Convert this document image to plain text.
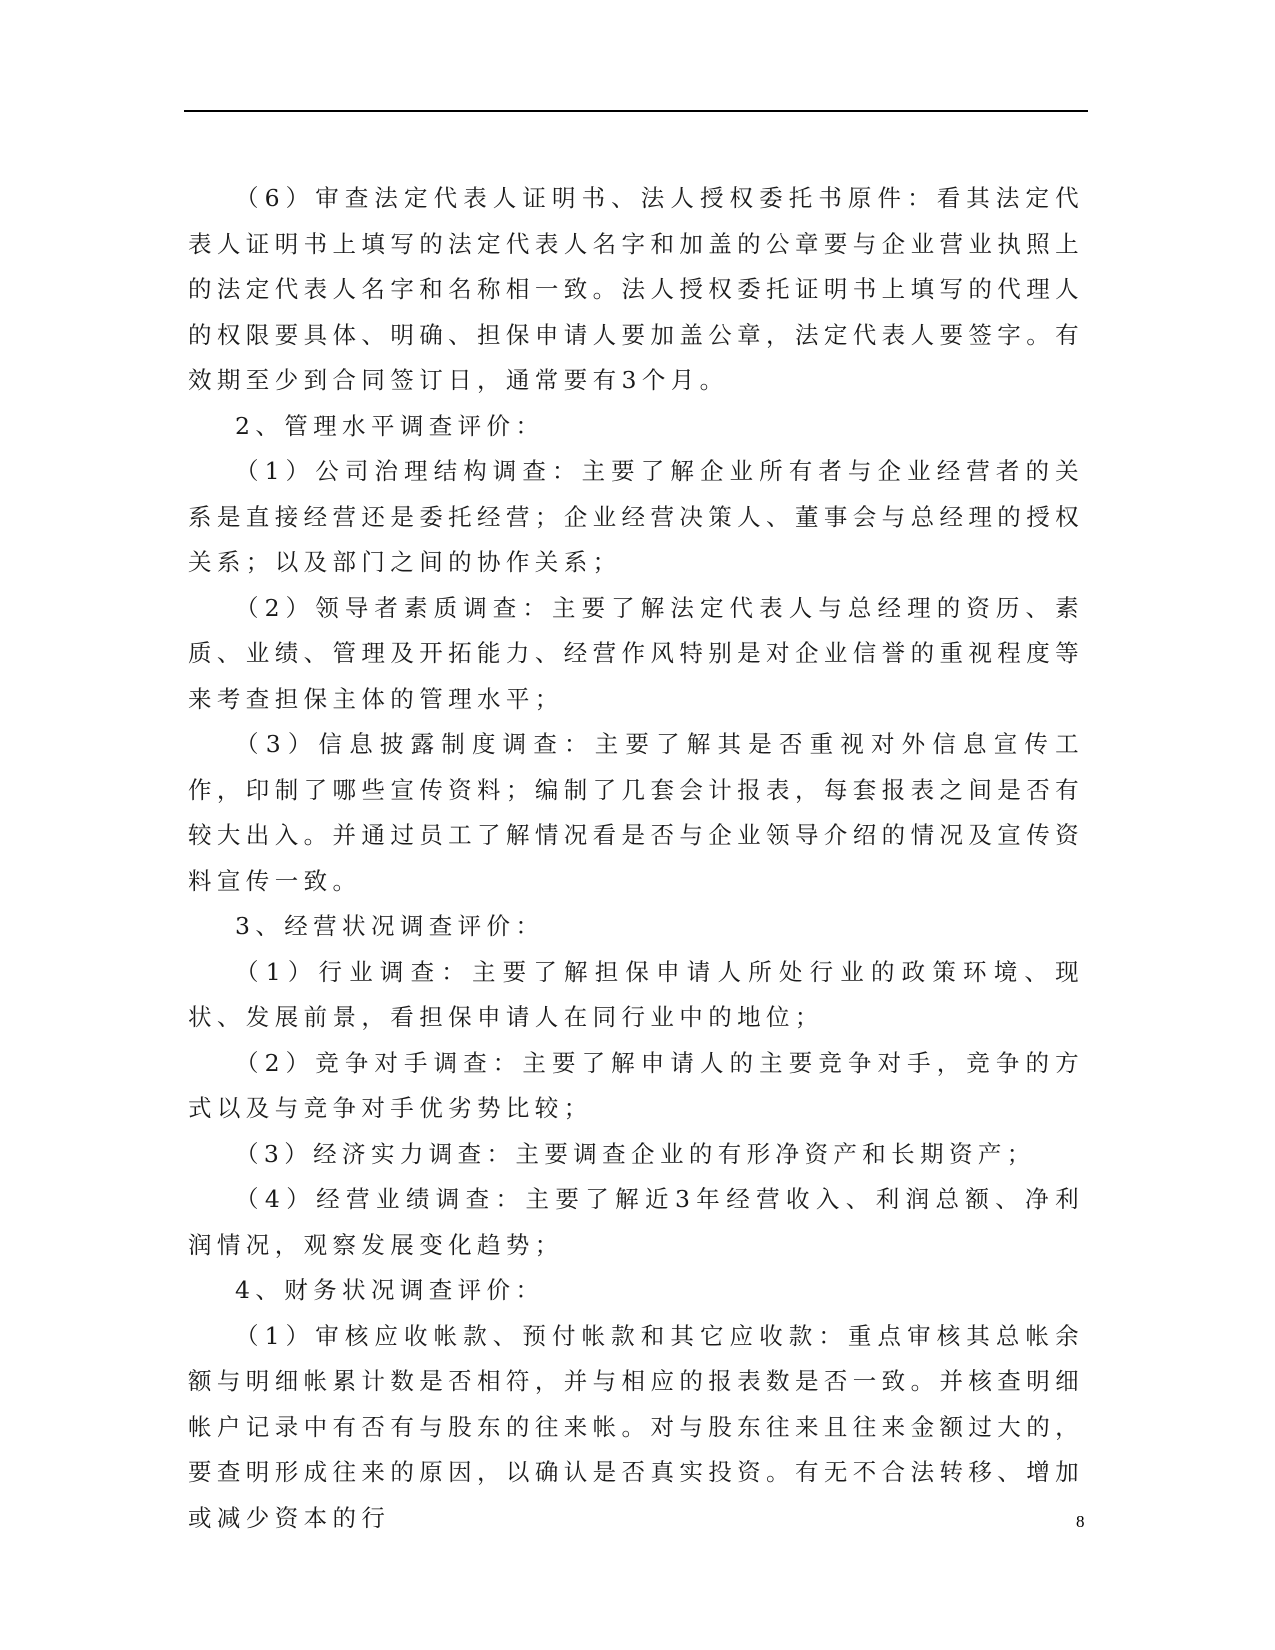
（6）审查法定代表人证明书、法人授权委托书原件：看其法定代表人证明书上填写的法定代表人名字和加盖的公章要与企业营业执照上的法定代表人名字和名称相一致。法人授权委托证明书上填写的代理人的权限要具体、明确、担保申请人要加盖公章，法定代表人要签字。有效期至少到合同签订日，通常要有3个月。

2、管理水平调查评价：

（1）公司治理结构调查：主要了解企业所有者与企业经营者的关系是直接经营还是委托经营；企业经营决策人、董事会与总经理的授权关系；以及部门之间的协作关系；

（2）领导者素质调查：主要了解法定代表人与总经理的资历、素质、业绩、管理及开拓能力、经营作风特别是对企业信誉的重视程度等来考查担保主体的管理水平；

（3）信息披露制度调查：主要了解其是否重视对外信息宣传工作，印制了哪些宣传资料；编制了几套会计报表，每套报表之间是否有较大出入。并通过员工了解情况看是否与企业领导介绍的情况及宣传资料宣传一致。

3、经营状况调查评价：

（1）行业调查：主要了解担保申请人所处行业的政策环境、现状、发展前景，看担保申请人在同行业中的地位；

（2）竞争对手调查：主要了解申请人的主要竞争对手，竞争的方式以及与竞争对手优劣势比较；

（3）经济实力调查：主要调查企业的有形净资产和长期资产；

（4）经营业绩调查：主要了解近3年经营收入、利润总额、净利润情况，观察发展变化趋势；

4、财务状况调查评价：

（1）审核应收帐款、预付帐款和其它应收款：重点审核其总帐余额与明细帐累计数是否相符，并与相应的报表数是否一致。并核查明细帐户记录中有否有与股东的往来帐。对与股东往来且往来金额过大的，要查明形成往来的原因，以确认是否真实投资。有无不合法转移、增加或减少资本的行	8
